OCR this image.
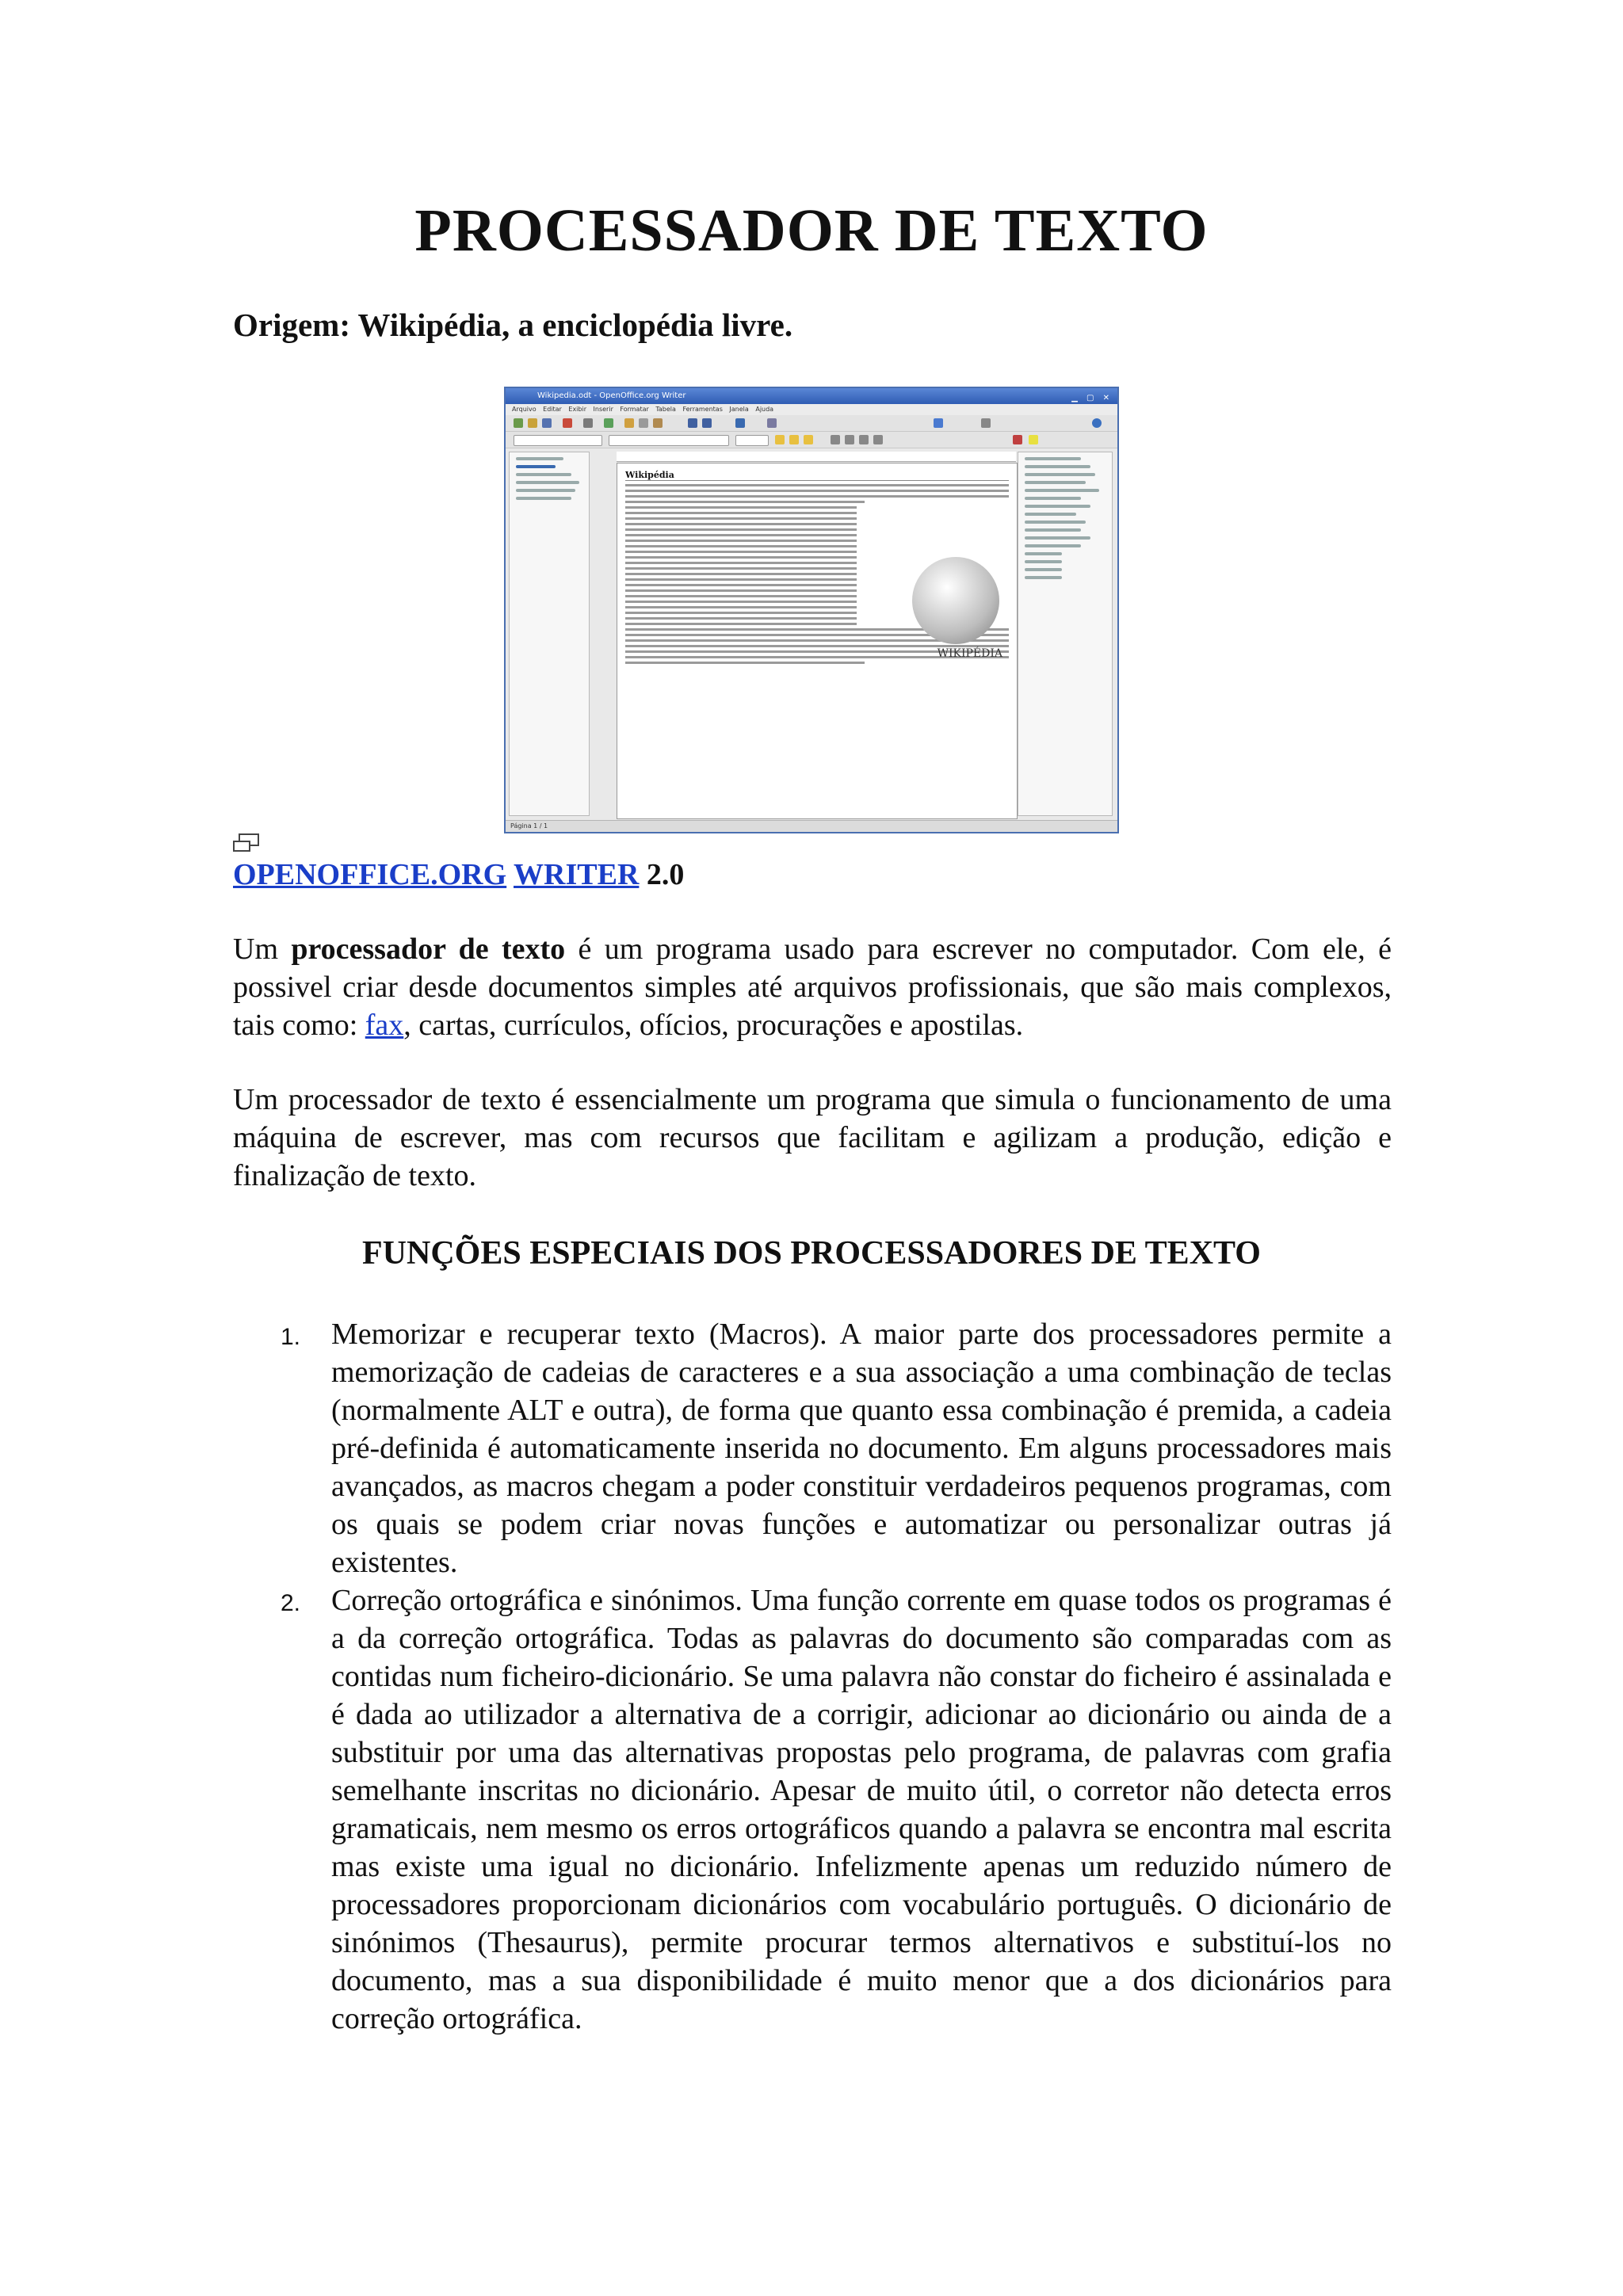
PROCESSADOR DE TEXTO

Origem: Wikipédia, a enciclopédia livre.

Wikipedia.odt - OpenOffice.org Writer	▁ ▢ ✕
Arquivo Editar Exibir Inserir Formatar Tabela Ferramentas Janela Ajuda
Wikipédia
WIKIPÉDIA
Página 1 / 1

OPENOFFICE.ORG WRITER 2.0

Um processador de texto é um programa usado para escrever no computador. Com ele, é possivel criar desde documentos simples até arquivos profissionais, que são mais complexos, tais como: fax, cartas, currículos, ofícios, procurações e apostilas.

Um processador de texto é essencialmente um programa que simula o funcionamento de uma máquina de escrever, mas com recursos que facilitam e agilizam a produção, edição e finalização de texto.

FUNÇÕES ESPECIAIS DOS PROCESSADORES DE TEXTO
1. Memorizar e recuperar texto (Macros). A maior parte dos processadores permite a memorização de cadeias de caracteres e a sua associação a uma combinação de teclas (normalmente ALT e outra), de forma que quanto essa combinação é premida, a cadeia pré-definida é automaticamente inserida no documento. Em alguns processadores mais avançados, as macros chegam a poder constituir verdadeiros pequenos programas, com os quais se podem criar novas funções e automatizar ou personalizar outras já existentes.
2. Correção ortográfica e sinónimos. Uma função corrente em quase todos os programas é a da correção ortográfica. Todas as palavras do documento são comparadas com as contidas num ficheiro-dicionário. Se uma palavra não constar do ficheiro é assinalada e é dada ao utilizador a alternativa de a corrigir, adicionar ao dicionário ou ainda de a substituir por uma das alternativas propostas pelo programa, de palavras com grafia semelhante inscritas no dicionário. Apesar de muito útil, o corretor não detecta erros gramaticais, nem mesmo os erros ortográficos quando a palavra se encontra mal escrita mas existe uma igual no dicionário. Infelizmente apenas um reduzido número de processadores proporcionam dicionários com vocabulário português. O dicionário de sinónimos (Thesaurus), permite procurar termos alternativos e substituí-los no documento, mas a sua disponibilidade é muito menor que a dos dicionários para correção ortográfica.
